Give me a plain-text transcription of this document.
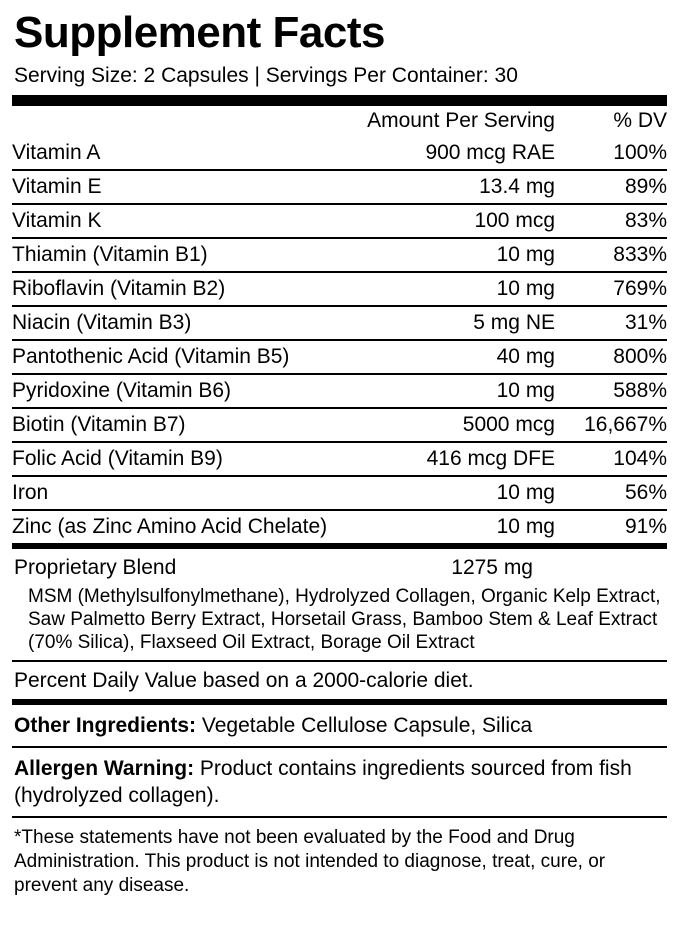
Supplement Facts
Serving Size: 2 Capsules | Servings Per Container: 30
	Amount Per Serving	% DV
Vitamin A	900 mcg RAE	100%
Vitamin E	13.4 mg	89%
Vitamin K	100 mcg	83%
Thiamin (Vitamin B1)	10 mg	833%
Riboflavin (Vitamin B2)	10 mg	769%
Niacin (Vitamin B3)	5 mg NE	31%
Pantothenic Acid (Vitamin B5)	40 mg	800%
Pyridoxine (Vitamin B6)	10 mg	588%
Biotin (Vitamin B7)	5000 mcg	16,667%
Folic Acid (Vitamin B9)	416 mcg DFE	104%
Iron	10 mg	56%
Zinc (as Zinc Amino Acid Chelate)	10 mg	91%
Proprietary Blend	1275 mg
MSM (Methylsulfonylmethane), Hydrolyzed Collagen, Organic Kelp Extract, Saw Palmetto Berry Extract, Horsetail Grass, Bamboo Stem & Leaf Extract (70% Silica), Flaxseed Oil Extract, Borage Oil Extract
Percent Daily Value based on a 2000-calorie diet.
Other Ingredients: Vegetable Cellulose Capsule, Silica
Allergen Warning: Product contains ingredients sourced from fish (hydrolyzed collagen).
*These statements have not been evaluated by the Food and Drug Administration. This product is not intended to diagnose, treat, cure, or prevent any disease.
